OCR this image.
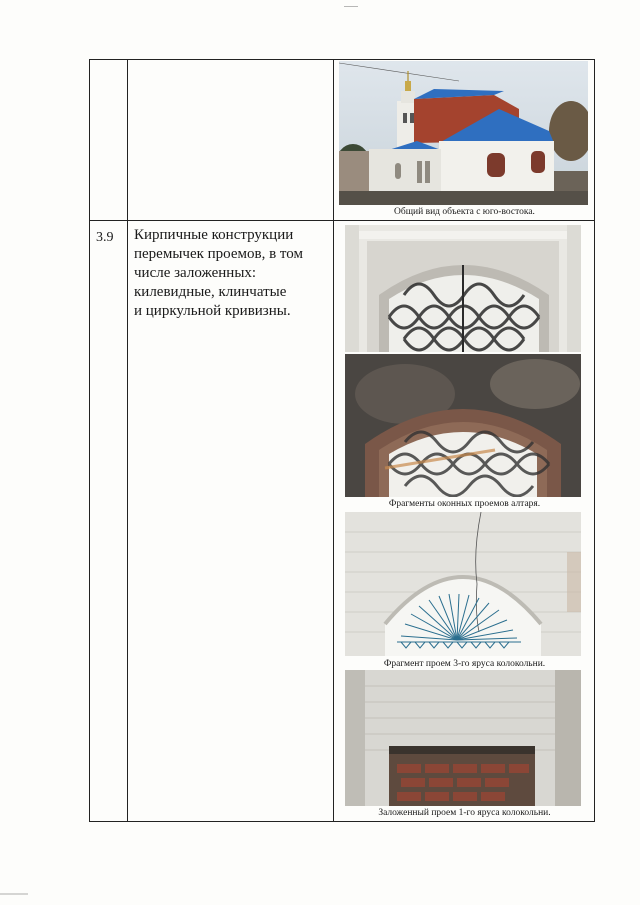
3.9 Кирпичные конструкции
перемычек проемов, в том
числе заложенных:
килевидные, клинчатые
и циркульной кривизны.
Общий вид объекта с юго-востока.
Фрагменты оконных проемов алтаря.
Фрагмент проем 3-го яруса колокольни.
Заложенный проем 1-го яруса колокольни.
